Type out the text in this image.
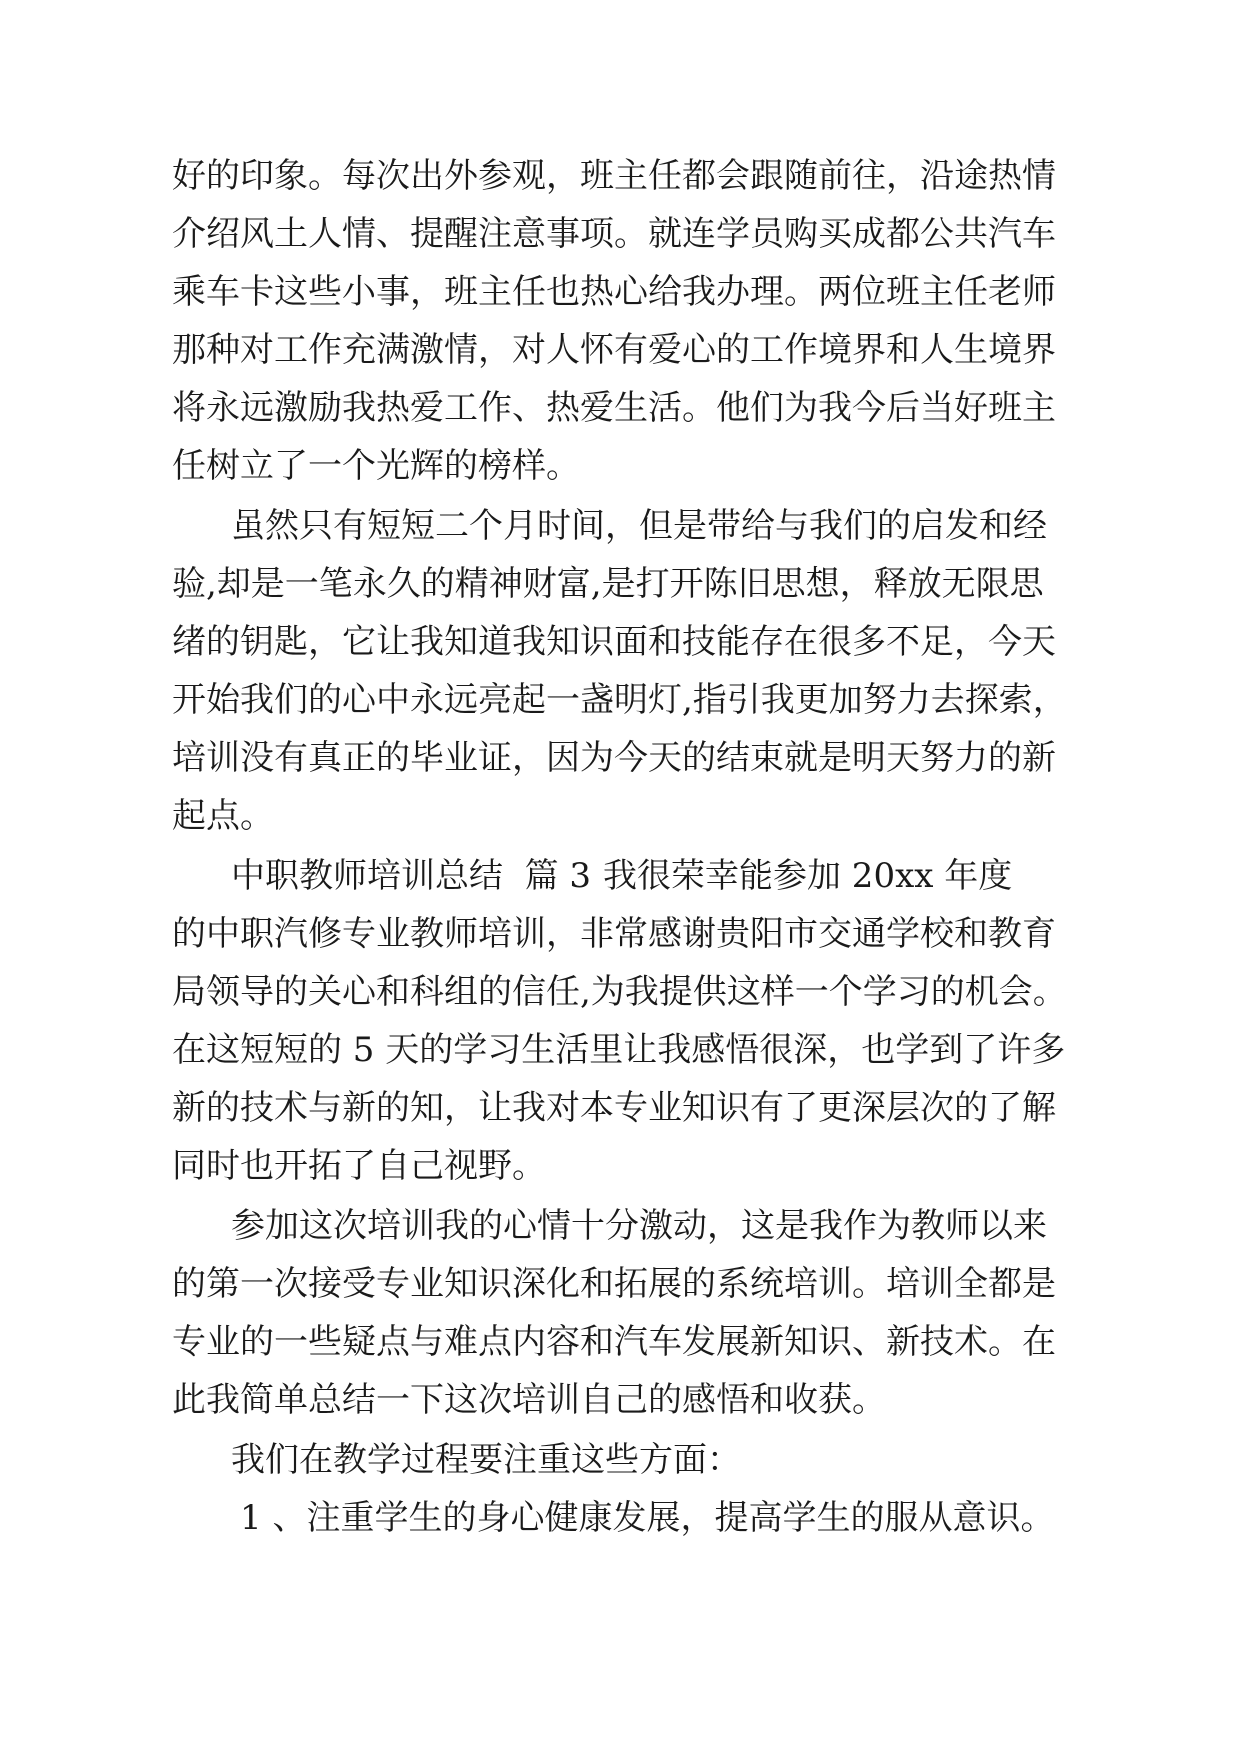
好的印象。每次出外参观，班主任都会跟随前往，沿途热情

介绍风土人情、提醒注意事项。就连学员购买成都公共汽车

乘车卡这些小事，班主任也热心给我办理。两位班主任老师

那种对工作充满激情，对人怀有爱心的工作境界和人生境界

将永远激励我热爱工作、热爱生活。他们为我今后当好班主

任树立了一个光辉的榜样。

虽然只有短短二个月时间，但是带给与我们的启发和经

验,却是一笔永久的精神财富,是打开陈旧思想，释放无限思

绪的钥匙，它让我知道我知识面和技能存在很多不足，今天

开始我们的心中永远亮起一盏明灯,指引我更加努力去探索，

培训没有真正的毕业证，因为今天的结束就是明天努力的新

起点。

中职教师培训总结  篇 3

我很荣幸能参加 20xx 年度

的中职汽修专业教师培训，非常感谢贵阳市交通学校和教育

局领导的关心和科组的信任,为我提供这样一个学习的机会。

在这短短的 5 天的学习生活里让我感悟很深，也学到了许多

新的技术与新的知，让我对本专业知识有了更深层次的了解

同时也开拓了自己视野。

参加这次培训我的心情十分激动，这是我作为教师以来

的第一次接受专业知识深化和拓展的系统培训。培训全都是

专业的一些疑点与难点内容和汽车发展新知识、新技术。在

此我简单总结一下这次培训自己的感悟和收获。

我们在教学过程要注重这些方面：

1 、注重学生的身心健康发展，提高学生的服从意识。
